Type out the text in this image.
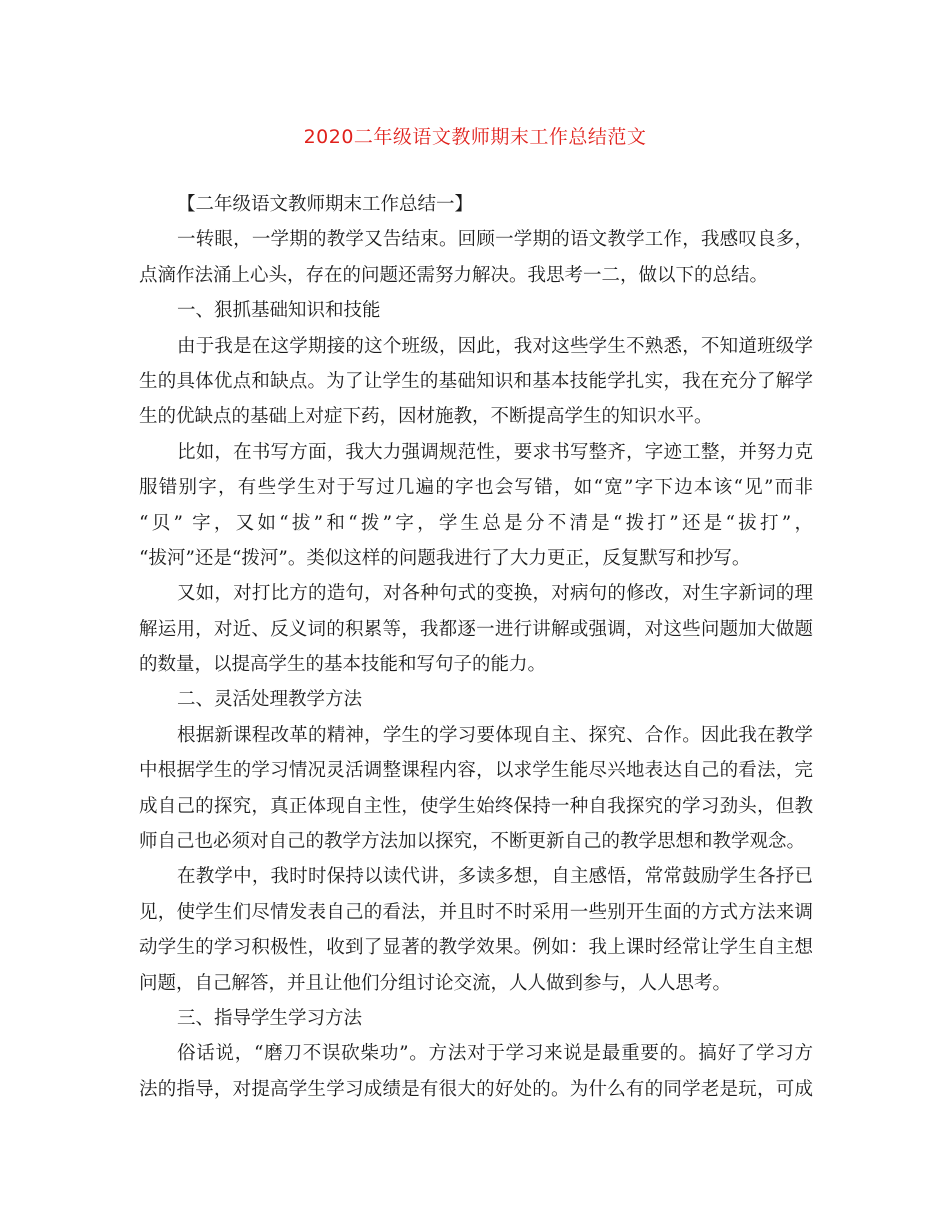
2020二年级语文教师期末工作总结范文
【二年级语文教师期末工作总结一】
一转眼，一学期的教学又告结束。回顾一学期的语文教学工作，我感叹良多，
点滴作法涌上心头，存在的问题还需努力解决。我思考一二，做以下的总结。
一、狠抓基础知识和技能
由于我是在这学期接的这个班级，因此，我对这些学生不熟悉，不知道班级学
生的具体优点和缺点。为了让学生的基础知识和基本技能学扎实，我在充分了解学
生的优缺点的基础上对症下药，因材施教，不断提高学生的知识水平。
比如，在书写方面，我大力强调规范性，要求书写整齐，字迹工整，并努力克
服错别字，有些学生对于写过几遍的字也会写错，如“宽”字下边本该“见”而非
“贝” 字，又如“拔”和“拨”字，学生总是分不清是“拨打”还是“拔打”，
“拔河”还是“拨河”。类似这样的问题我进行了大力更正，反复默写和抄写。
又如，对打比方的造句，对各种句式的变换，对病句的修改，对生字新词的理
解运用，对近、反义词的积累等，我都逐一进行讲解或强调，对这些问题加大做题
的数量，以提高学生的基本技能和写句子的能力。
二、灵活处理教学方法
根据新课程改革的精神，学生的学习要体现自主、探究、合作。因此我在教学
中根据学生的学习情况灵活调整课程内容，以求学生能尽兴地表达自己的看法，完
成自己的探究，真正体现自主性，使学生始终保持一种自我探究的学习劲头，但教
师自己也必须对自己的教学方法加以探究，不断更新自己的教学思想和教学观念。
在教学中，我时时保持以读代讲，多读多想，自主感悟，常常鼓励学生各抒已
见，使学生们尽情发表自己的看法，并且时不时采用一些别开生面的方式方法来调
动学生的学习积极性，收到了显著的教学效果。例如：我上课时经常让学生自主想
问题，自己解答，并且让他们分组讨论交流，人人做到参与，人人思考。
三、指导学生学习方法
俗话说，“磨刀不误砍柴功”。方法对于学习来说是最重要的。搞好了学习方
法的指导，对提高学生学习成绩是有很大的好处的。为什么有的同学老是玩，可成
